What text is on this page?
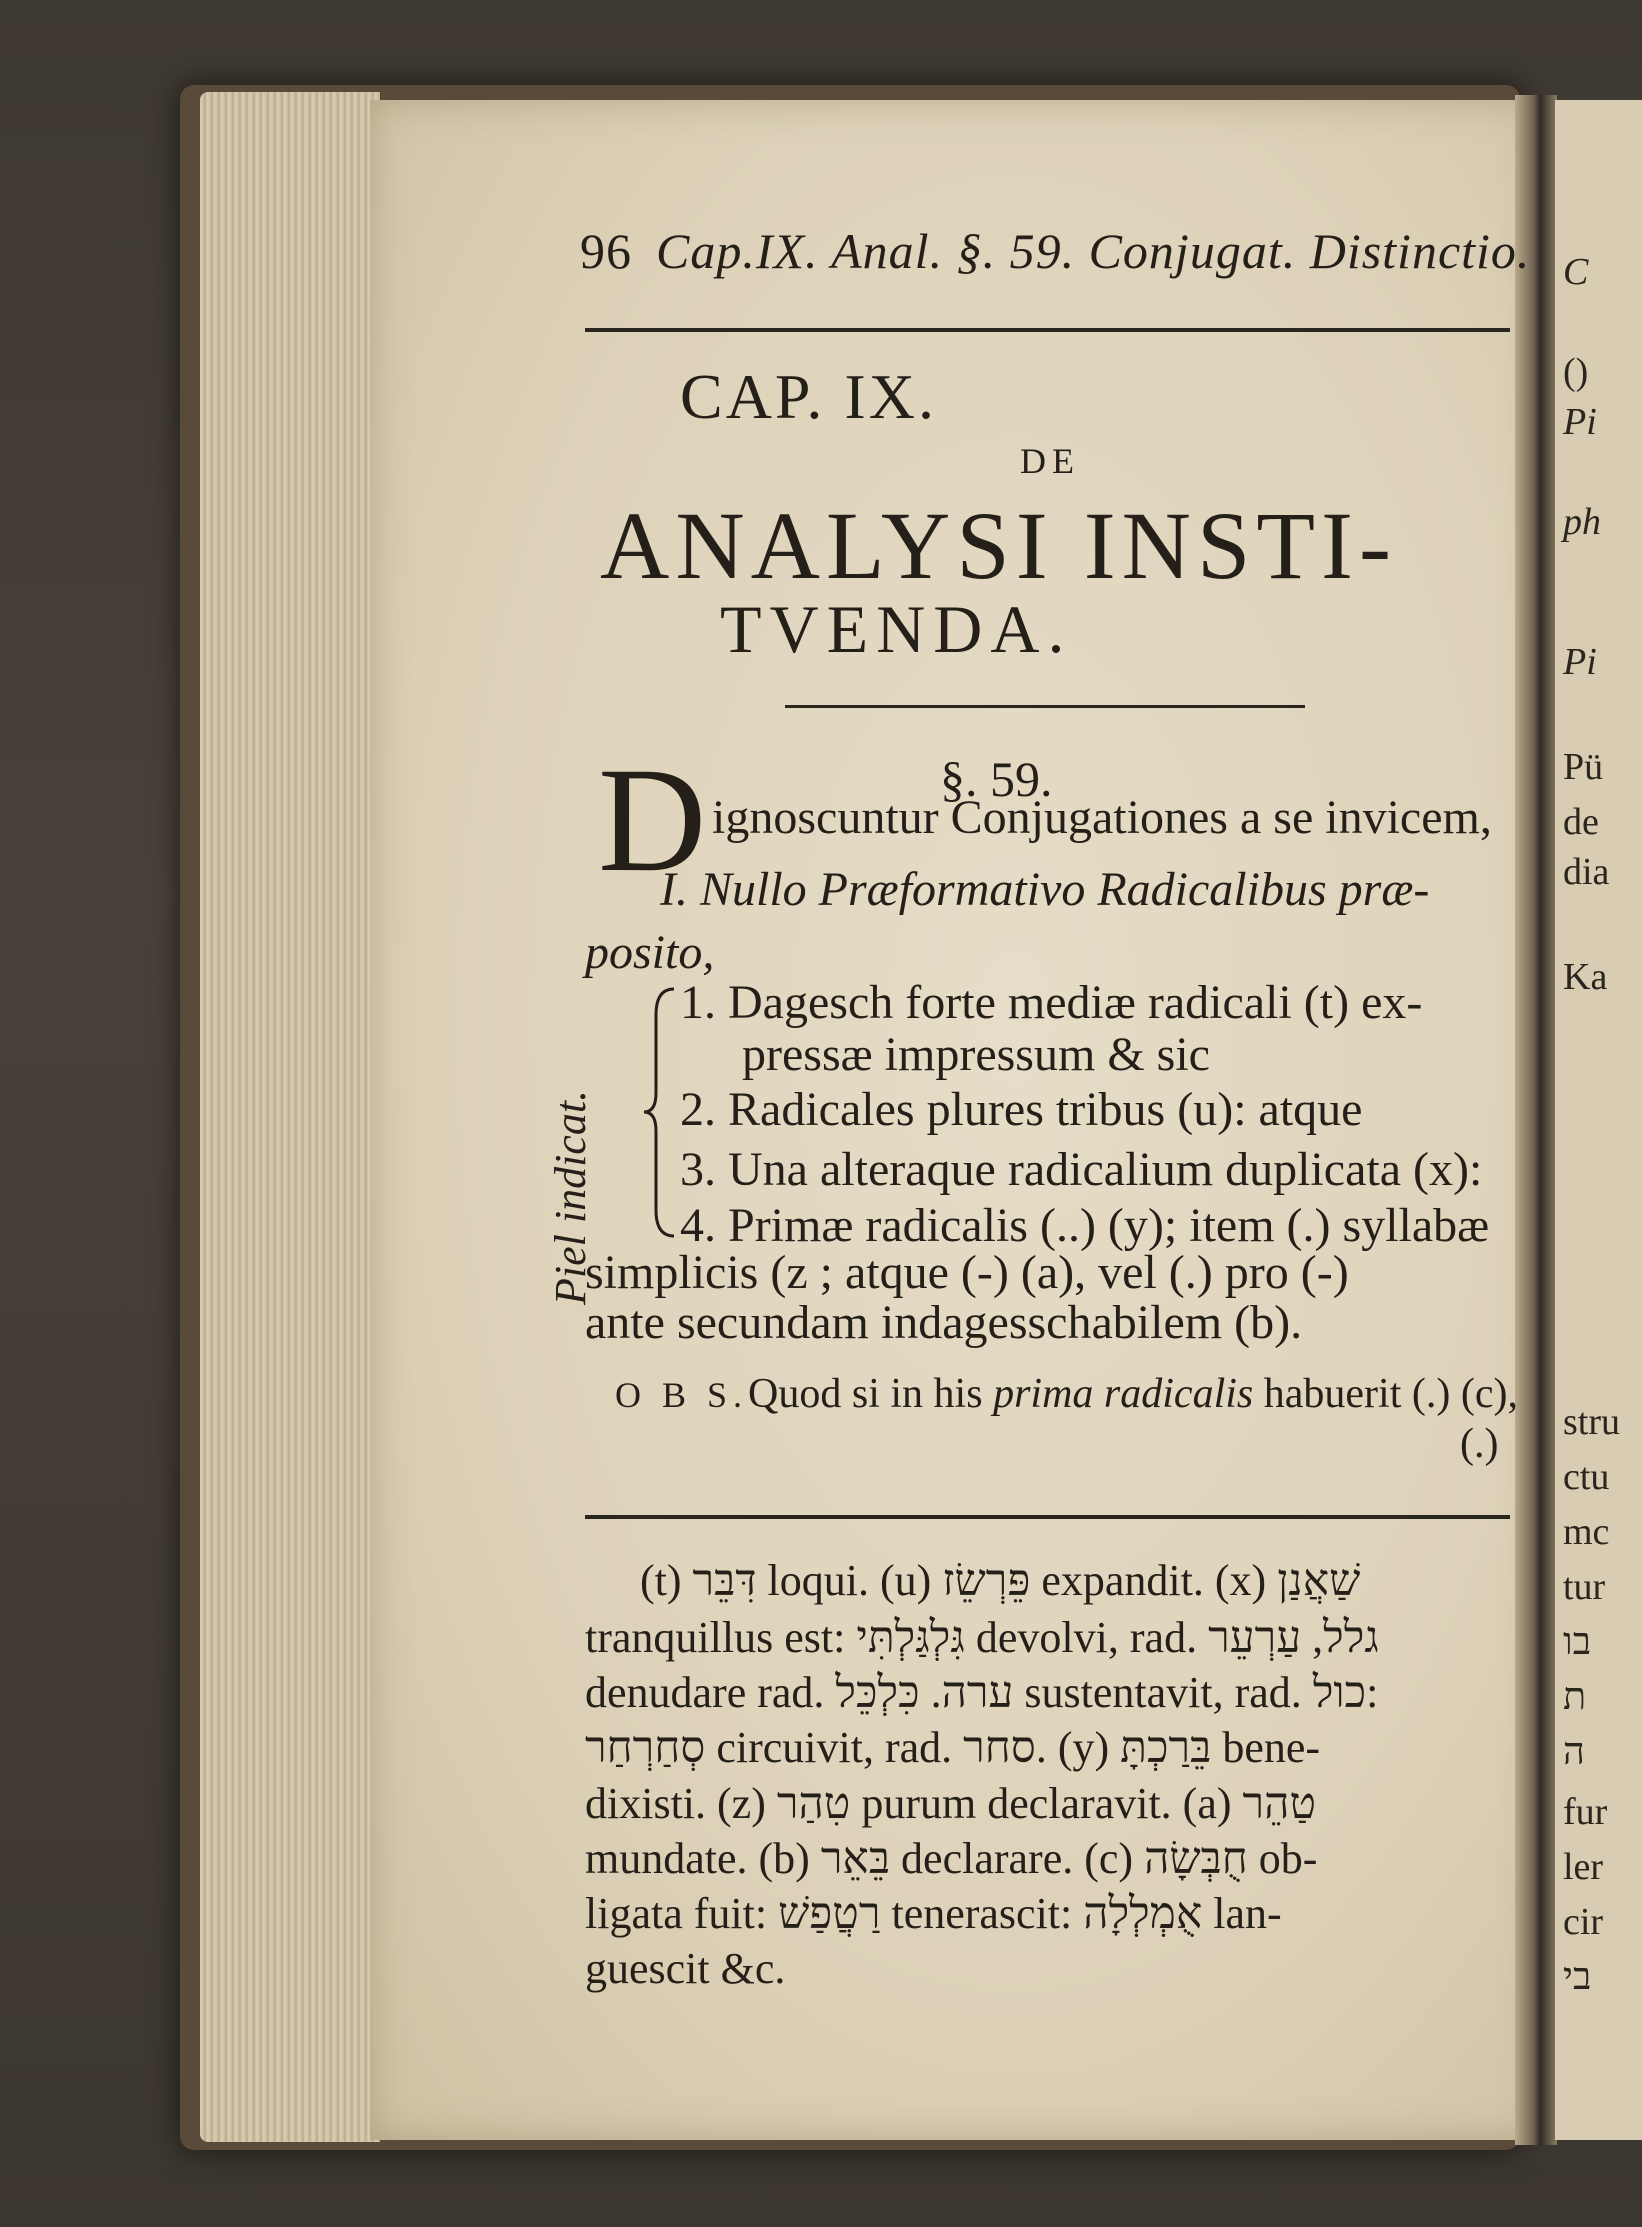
C
()
Pi
ph
Pi
Pü
de
dia
Ka
stru
ctu
mc
tur
בו
ת
ה
fur
ler
cir
בי
96 Cap.IX. Anal. §. 59. Conjugat. Distinctio.
CAP. IX.
DE
ANALYSI INSTI-
TVENDA.
D	§. 59.
ignoscuntur Conjugationes a se invicem,
I. Nullo Præformativo Radicalibus præ-
posito,
Piel indicat.
1. Dagesch forte mediæ radicali (t) ex-
pressæ impressum & sic
2. Radicales plures tribus (u): atque
3. Una alteraque radicalium duplicata (x):
4. Primæ radicalis (..) (y); item (.) syllabæ
simplicis (z ; atque (-) (a), vel (.) pro (-)
ante secundam indagesschabilem (b).
O B S.Quod si in his prima radicalis habuerit (.) (c),
(.)
(t) דִּבֵּר loqui. (u) פֵּרְשֵׂז expandit. (x) שַׁאֲנַן
tranquillus est: גִּלְגַּלְתִּי devolvi, rad. גלל, עַרְעֵר
denudare rad. ערה. כִּלְכֵּל sustentavit, rad. כול:
סְחַרְחַר circuivit, rad. סחר. (y) בֵּרַכְתָּ bene-
dixisti. (z) טִהַר purum declaravit. (a) טַהֵר
mundate. (b) בֵּאֵר declarare. (c) חֻבְּשָׂה ob-
ligata fuit: רַטֲפַשׁ tenerascit: אֻמְלְלָה lan-
guescit &c.
